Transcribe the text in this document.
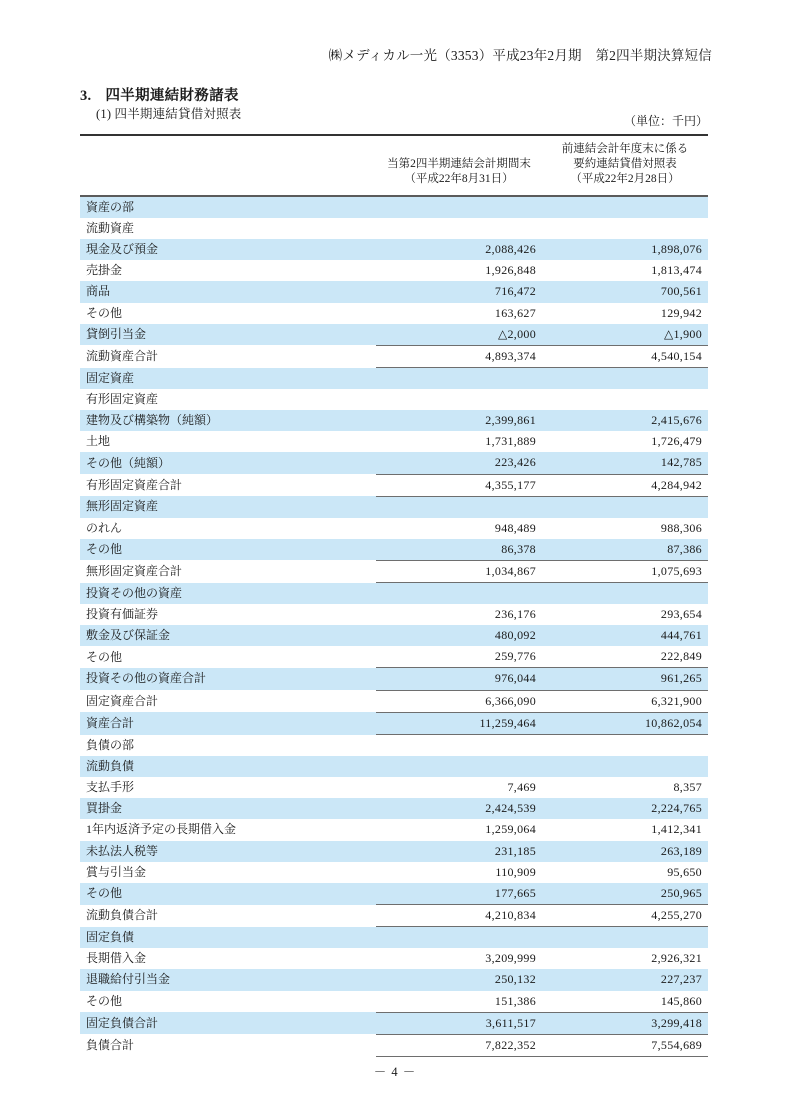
㈱メディカル一光（3353）平成23年2月期　第2四半期決算短信
3. 四半期連結財務諸表
(1) 四半期連結貸借対照表	（単位：千円）

当第2四半期連結会計期間末
（平成22年8月31日）

前連結会計年度末に係る
要約連結貸借対照表
（平成22年2月28日）

資産の部		
流動資産		
現金及び預金	2,088,426	1,898,076
売掛金	1,926,848	1,813,474
商品	716,472	700,561
その他	163,627	129,942
貸倒引当金	△2,000	△1,900
流動資産合計	4,893,374	4,540,154
固定資産		
有形固定資産		
建物及び構築物（純額）	2,399,861	2,415,676
土地	1,731,889	1,726,479
その他（純額）	223,426	142,785
有形固定資産合計	4,355,177	4,284,942
無形固定資産		
のれん	948,489	988,306
その他	86,378	87,386
無形固定資産合計	1,034,867	1,075,693
投資その他の資産		
投資有価証券	236,176	293,654
敷金及び保証金	480,092	444,761
その他	259,776	222,849
投資その他の資産合計	976,044	961,265
固定資産合計	6,366,090	6,321,900
資産合計	11,259,464	10,862,054
負債の部		
流動負債		
支払手形	7,469	8,357
買掛金	2,424,539	2,224,765
1年内返済予定の長期借入金	1,259,064	1,412,341
未払法人税等	231,185	263,189
賞与引当金	110,909	95,650
その他	177,665	250,965
流動負債合計	4,210,834	4,255,270
固定負債		
長期借入金	3,209,999	2,926,321
退職給付引当金	250,132	227,237
その他	151,386	145,860
固定負債合計	3,611,517	3,299,418
負債合計	7,822,352	7,554,689
－ 4 －
